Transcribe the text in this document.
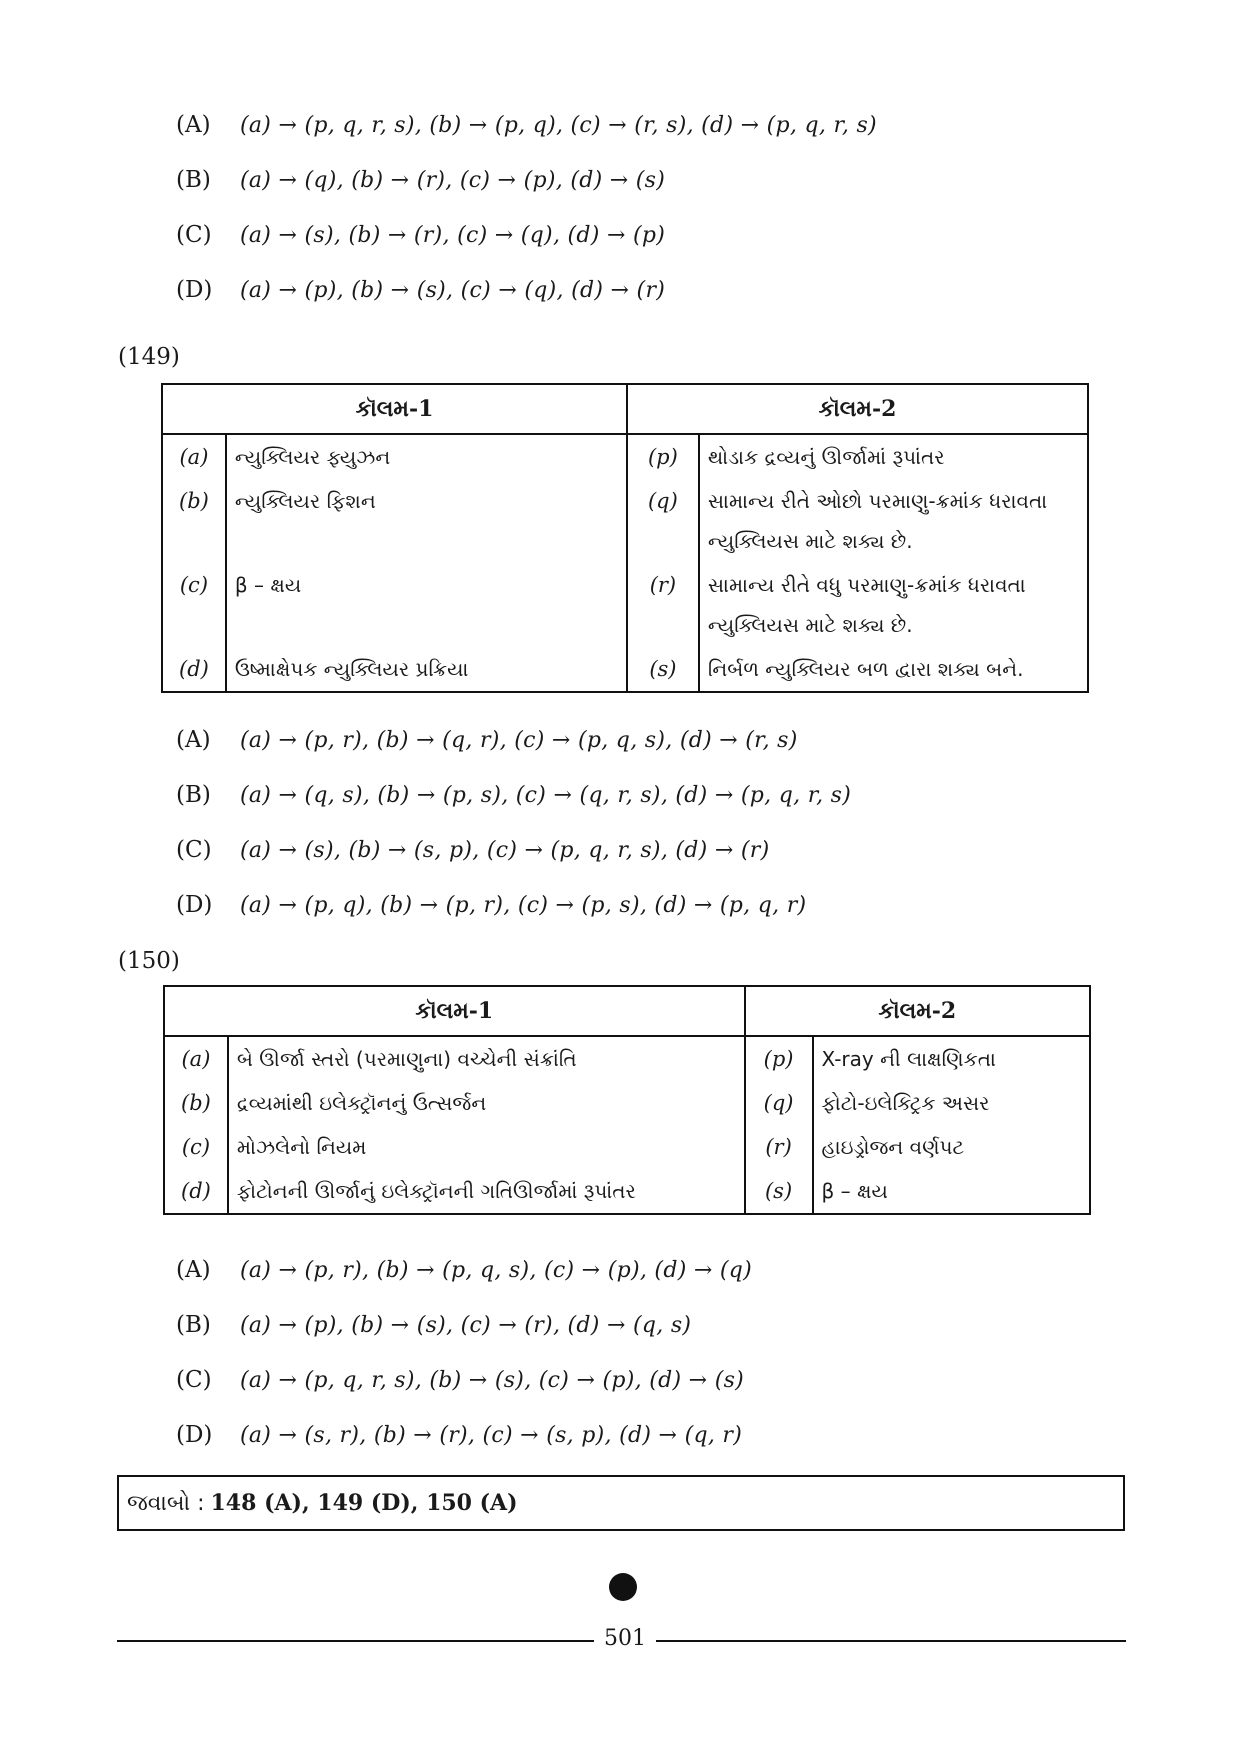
(A)	(a) → (p, q, r, s), (b) → (p, q), (c) → (r, s), (d) → (p, q, r, s)
(B)	(a) → (q), (b) → (r), (c) → (p), (d) → (s)
(C)	(a) → (s), (b) → (r), (c) → (q), (d) → (p)
(D)	(a) → (p), (b) → (s), (c) → (q), (d) → (r)
(149)
કૉલમ-1		કૉલમ-2	
(a)	ન્યુક્લિયર ફ્યુઝન	(p)	થોડાક દ્રવ્યનું ઊર્જામાં રૂપાંતર
(b)	ન્યુક્લિયર ફિશન	(q)	સામાન્ય રીતે ઓછો પરમાણુ-ક્રમાંક ધરાવતા ન્યુક્લિયસ માટે શક્ય છે.
(c)	β – ક્ષય	(r)	સામાન્ય રીતે વધુ પરમાણુ-ક્રમાંક ધરાવતા ન્યુક્લિયસ માટે શક્ય છે.
(d)	ઉષ્માક્ષેપક ન્યુક્લિયર પ્રક્રિયા	(s)	નિર્બળ ન્યુક્લિયર બળ દ્વારા શક્ય બને.
(A)	(a) → (p, r), (b) → (q, r), (c) → (p, q, s), (d) → (r, s)
(B)	(a) → (q, s), (b) → (p, s), (c) → (q, r, s), (d) → (p, q, r, s)
(C)	(a) → (s), (b) → (s, p), (c) → (p, q, r, s), (d) → (r)
(D)	(a) → (p, q), (b) → (p, r), (c) → (p, s), (d) → (p, q, r)
(150)
કૉલમ-1		કૉલમ-2	
(a)	બે ઊર્જા સ્તરો (પરમાણુના) વચ્ચેની સંક્રાંતિ	(p)	X-ray ની લાક્ષણિકતા
(b)	દ્રવ્યમાંથી ઇલેક્ટ્રૉનનું ઉત્સર્જન	(q)	ફોટો-ઇલેક્ટ્રિક અસર
(c)	મોઝલેનો નિયમ	(r)	હાઇડ્રોજન વર્ણપટ
(d)	ફોટોનની ઊર્જાનું ઇલેક્ટ્રૉનની ગતિઊર્જામાં રૂપાંતર	(s)	β – ક્ષય
(A)	(a) → (p, r), (b) → (p, q, s), (c) → (p), (d) → (q)
(B)	(a) → (p), (b) → (s), (c) → (r), (d) → (q, s)
(C)	(a) → (p, q, r, s), (b) → (s), (c) → (p), (d) → (s)
(D)	(a) → (s, r), (b) → (r), (c) → (s, p), (d) → (q, r)
જવાબો : 148 (A), 149 (D), 150 (A)
501
